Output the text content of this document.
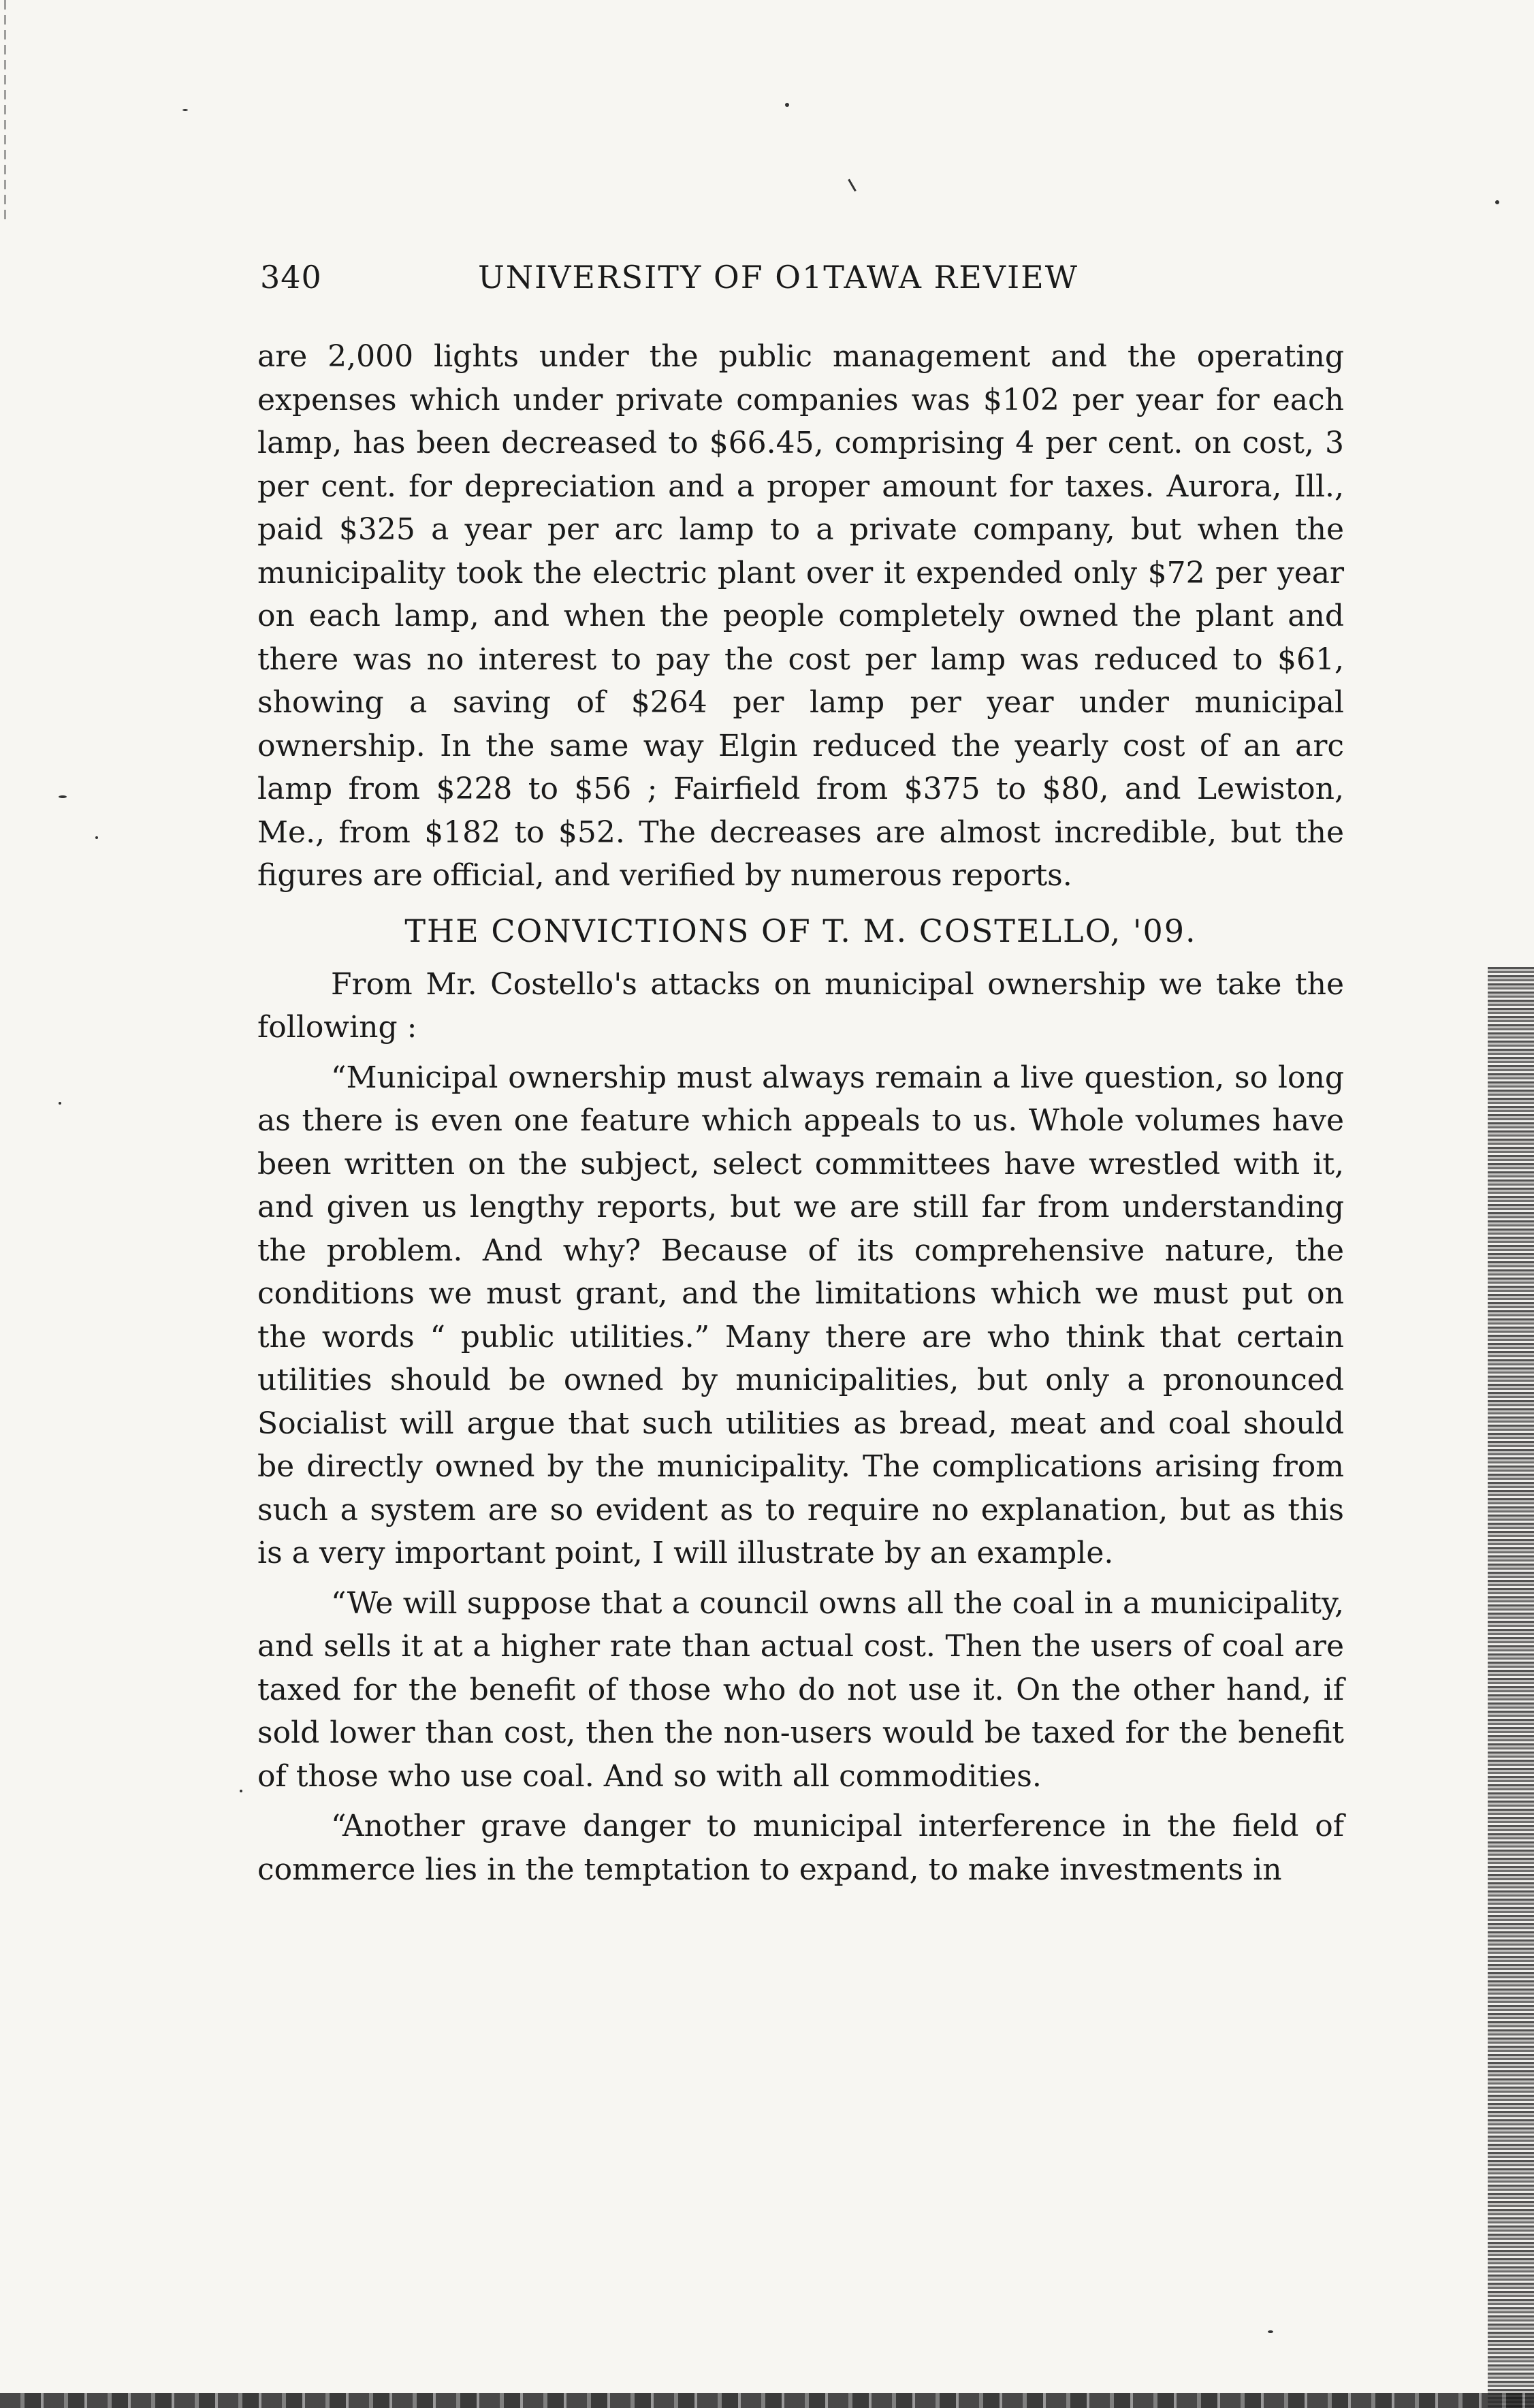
340	UNIVERSITY OF O1TAWA REVIEW

are 2,000 lights under the public management and the operating expenses which under private companies was $102 per year for each lamp, has been decreased to $66.45, comprising 4 per cent. on cost, 3 per cent. for depreciation and a proper amount for taxes. Aurora, Ill., paid $325 a year per arc lamp to a private company, but when the municipality took the electric plant over it expended only $72 per year on each lamp, and when the people completely owned the plant and there was no interest to pay the cost per lamp was reduced to $61, showing a saving of $264 per lamp per year under municipal ownership. In the same way Elgin reduced the yearly cost of an arc lamp from $228 to $56 ; Fairfield from $375 to $80, and Lewiston, Me., from $182 to $52. The decreases are almost incredible, but the figures are official, and verified by numerous reports.

THE CONVICTIONS OF T. M. COSTELLO, '09.

From Mr. Costello's attacks on municipal ownership we take the following :

“Municipal ownership must always remain a live question, so long as there is even one feature which appeals to us. Whole volumes have been written on the subject, select committees have wrestled with it, and given us lengthy reports, but we are still far from understanding the problem. And why? Because of its comprehensive nature, the conditions we must grant, and the limitations which we must put on the words “ public utilities.” Many there are who think that certain utilities should be owned by municipalities, but only a pronounced Socialist will argue that such utilities as bread, meat and coal should be directly owned by the municipality. The complications arising from such a system are so evident as to require no explanation, but as this is a very important point, I will illustrate by an example.

“We will suppose that a council owns all the coal in a municipality, and sells it at a higher rate than actual cost. Then the users of coal are taxed for the benefit of those who do not use it. On the other hand, if sold lower than cost, then the non-users would be taxed for the benefit of those who use coal. And so with all commodities.

“Another grave danger to municipal interference in the field of commerce lies in the temptation to expand, to make investments in
